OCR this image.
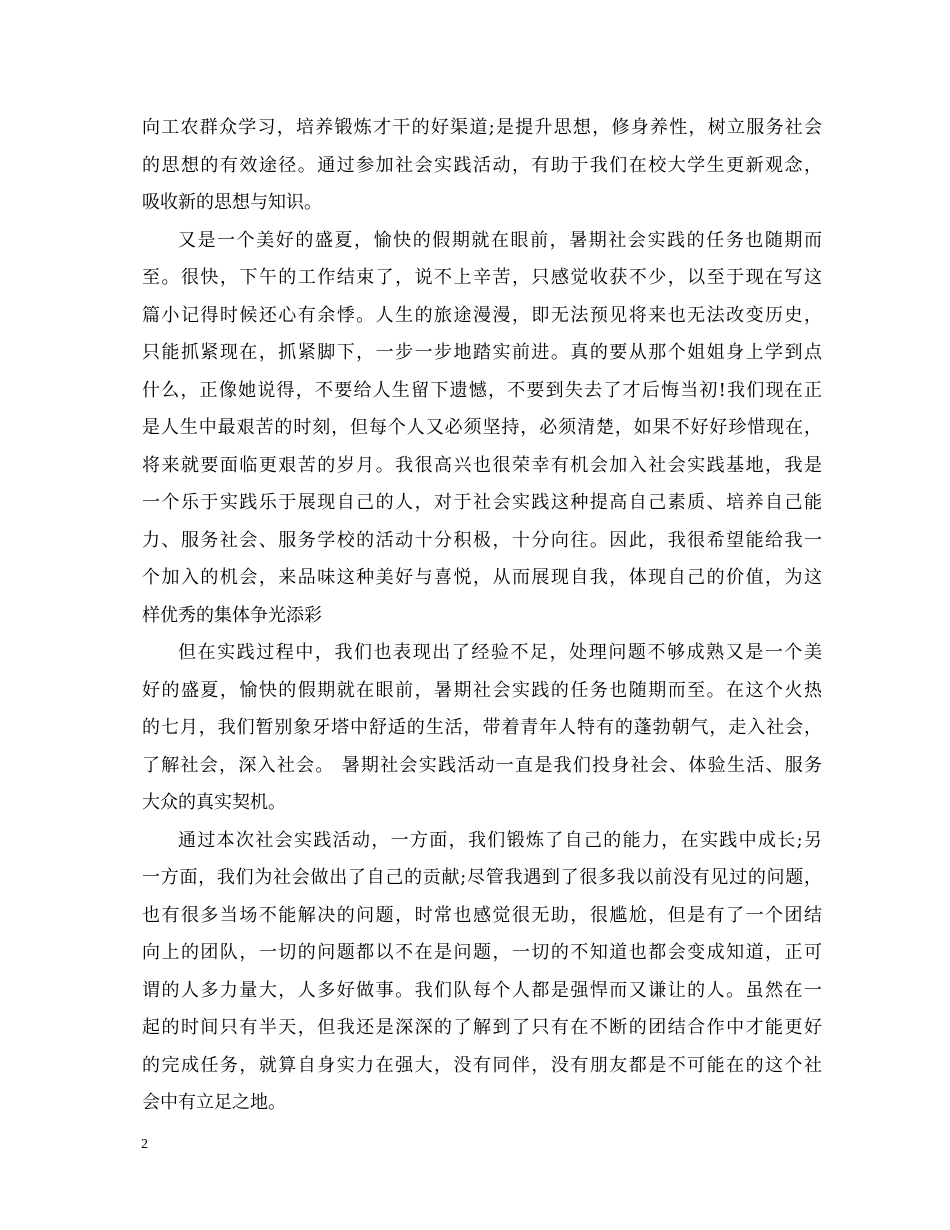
向工农群众学习，培养锻炼才干的好渠道;是提升思想，修身养性，树立服务社会
的思想的有效途径。通过参加社会实践活动，有助于我们在校大学生更新观念，
吸收新的思想与知识。
又是一个美好的盛夏，愉快的假期就在眼前，暑期社会实践的任务也随期而
至。很快，下午的工作结束了，说不上辛苦，只感觉收获不少，以至于现在写这
篇小记得时候还心有余悸。人生的旅途漫漫，即无法预见将来也无法改变历史，
只能抓紧现在，抓紧脚下，一步一步地踏实前进。真的要从那个姐姐身上学到点
什么，正像她说得，不要给人生留下遗憾，不要到失去了才后悔当初!我们现在正
是人生中最艰苦的时刻，但每个人又必须坚持，必须清楚，如果不好好珍惜现在，
将来就要面临更艰苦的岁月。我很高兴也很荣幸有机会加入社会实践基地，我是
一个乐于实践乐于展现自己的人，对于社会实践这种提高自己素质、培养自己能
力、服务社会、服务学校的活动十分积极，十分向往。因此，我很希望能给我一
个加入的机会，来品味这种美好与喜悦，从而展现自我，体现自己的价值，为这
样优秀的集体争光添彩
但在实践过程中，我们也表现出了经验不足，处理问题不够成熟又是一个美
好的盛夏，愉快的假期就在眼前，暑期社会实践的任务也随期而至。在这个火热
的七月，我们暂别象牙塔中舒适的生活，带着青年人特有的蓬勃朝气，走入社会，
了解社会，深入社会。 暑期社会实践活动一直是我们投身社会、体验生活、服务
大众的真实契机。
通过本次社会实践活动，一方面，我们锻炼了自己的能力，在实践中成长;另
一方面，我们为社会做出了自己的贡献;尽管我遇到了很多我以前没有见过的问题，
也有很多当场不能解决的问题，时常也感觉很无助，很尴尬，但是有了一个团结
向上的团队，一切的问题都以不在是问题，一切的不知道也都会变成知道，正可
谓的人多力量大，人多好做事。我们队每个人都是强悍而又谦让的人。虽然在一
起的时间只有半天，但我还是深深的了解到了只有在不断的团结合作中才能更好
的完成任务，就算自身实力在强大，没有同伴，没有朋友都是不可能在的这个社
会中有立足之地。
2
